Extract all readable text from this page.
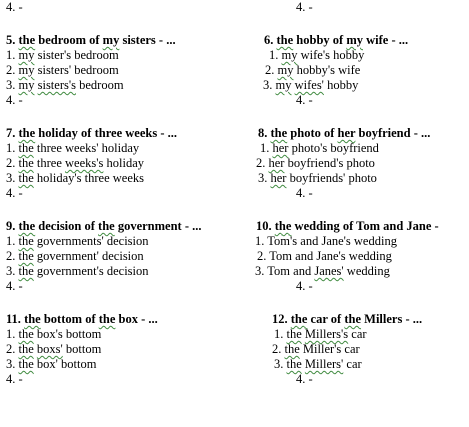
4. -
5. the bedroom of my sisters - ...
1. my sister's bedroom
2. my sisters' bedroom
3. my sisters's bedroom
4. -
7. the holiday of three weeks - ...
1. the three weeks' holiday
2. the three weeks's holiday
3. the holiday's three weeks
4. -
9. the decision of the government - ...
1. the governments' decision
2. the government' decision
3. the government's decision
4. -
11. the bottom of the box - ...
1. the box's bottom
2. the boxs' bottom
3. the box' bottom
4. -
4. -
6. the hobby of my wife - ...
1. my wife's hobby
2. my hobby's wife
3. my wifes' hobby
4. -
8. the photo of her boyfriend - ...
1. her photo's boyfriend
2. her boyfriend's photo
3. her boyfriends' photo
4. -
10. the wedding of Tom and Jane -
1. Tom's and Jane's wedding
2. Tom and Jane's wedding
3. Tom and Janes' wedding
4. -
12. the car of the Millers - ...
1. the Millers's car
2. the Miller's car
3. the Millers' car
4. -
